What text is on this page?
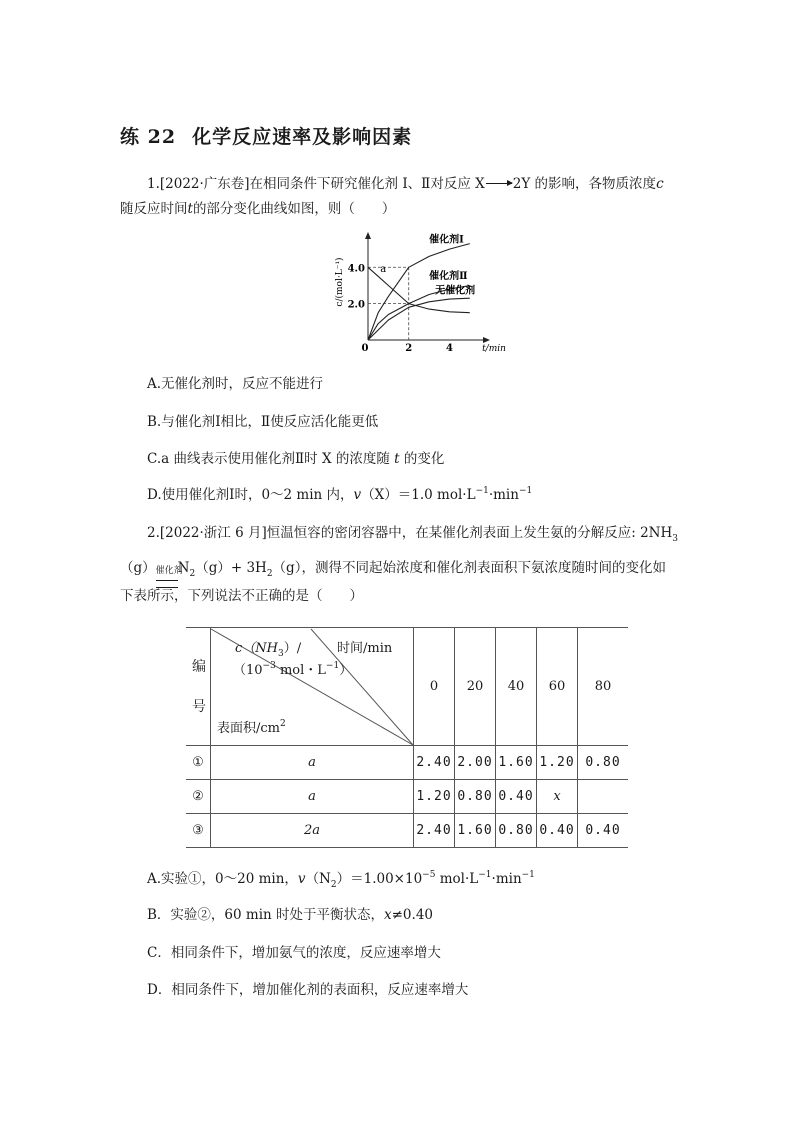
练 22 化学反应速率及影响因素
1.[2022·广东卷]在相同条件下研究催化剂 Ⅰ、Ⅱ对反应 X→2Y 的影响，各物质浓度c
随反应时间t的部分变化曲线如图，则（　　）
催化剂Ⅰ
催化剂Ⅱ
无催化剂
a
0	2	4
2.0
4.0
t/min
c/(mol·L⁻¹)
A.无催化剂时，反应不能进行
B.与催化剂Ⅰ相比，Ⅱ使反应活化能更低
C.a 曲线表示使用催化剂Ⅱ时 X 的浓度随 t 的变化
D.使用催化剂Ⅰ时，0～2 min 内，v（X）＝1.0 $mol\cdot L^{-1}\cdot\min^{-1}$
2.[2022·浙江 6 月]恒温恒容的密闭容器中，在某催化剂表面上发生氨的分解反应: $2NH_3$
（g） 催化剂
$N_2(g)+ 3H_2(g)$，测得不同起始浓度和催化剂表面积下氨浓度随时间的变化如
下表所示，下列说法不正确的是（　　）
编号	$c(NH_3)/$
（$10^{-3}$ mol・$L^{-1}$）
时间/min
表面积$/cm^2$	0	20	40	60	80
①	a	2.40	2.00	1.60	1.20	0.80
②	a	1.20	0.80	0.40	x	
③	2a	2.40	1.60	0.80	0.40	0.40
A.实验①，0～20 min，$v(N_2)=1.00\times 10^{-5}$ $mol\cdot L^{-1}\cdot\min^{-1}$
B．实验②，60 min 时处于平衡状态，x≠0.40
C．相同条件下，增加氨气的浓度，反应速率增大
D．相同条件下，增加催化剂的表面积，反应速率增大
